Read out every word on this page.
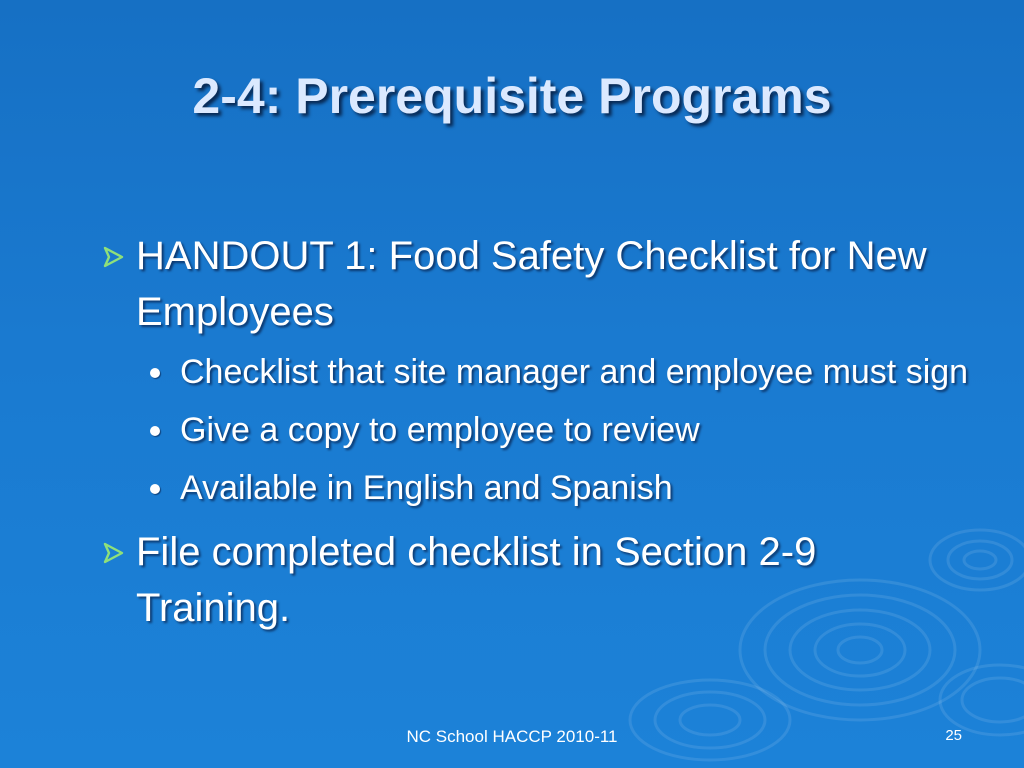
2-4: Prerequisite Programs
HANDOUT 1: Food Safety Checklist for New Employees
Checklist that site manager and employee must sign
Give a copy to employee to review
Available in English and Spanish
File completed checklist in Section 2-9 Training.
NC School HACCP 2010-11	25
